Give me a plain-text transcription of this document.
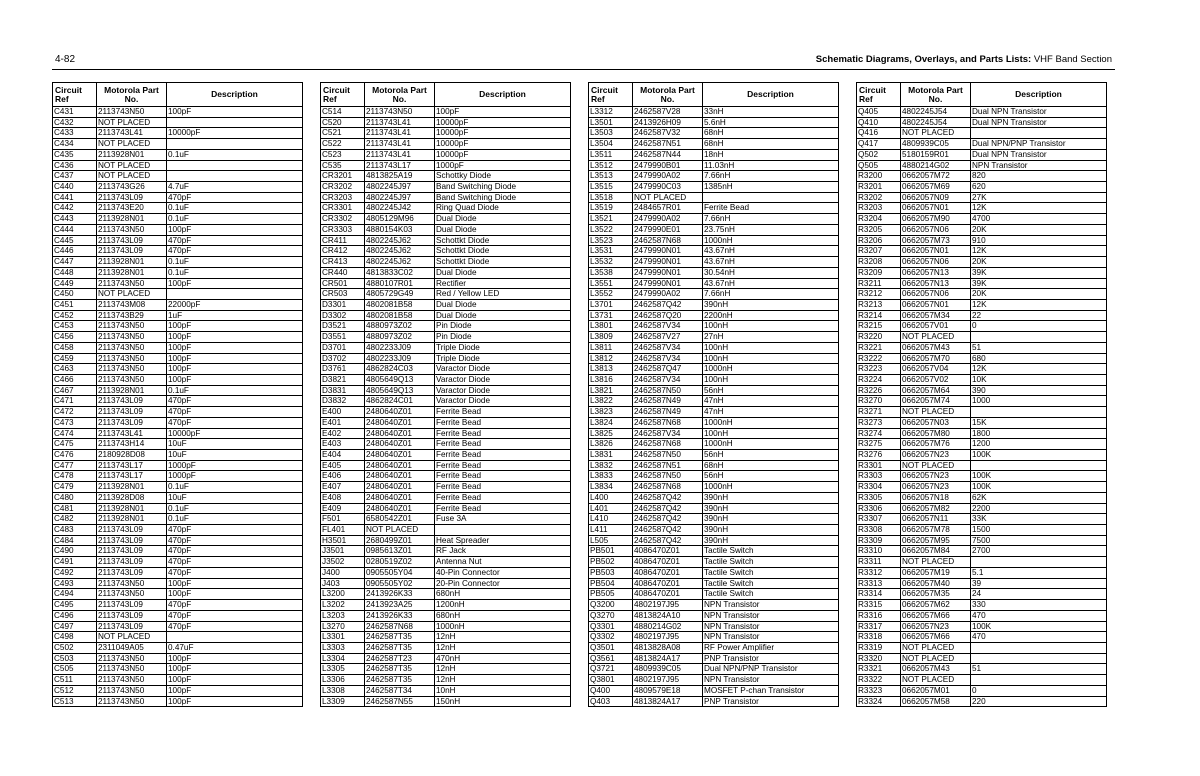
4-82	Schematic Diagrams, Overlays, and Parts Lists: VHF Band Section
Circuit Ref	Motorola Part No.	Description
C431	2113743N50	100pF
C432	NOT PLACED	
C433	2113743L41	10000pF
C434	NOT PLACED	
C435	2113928N01	0.1uF
C436	NOT PLACED	
C437	NOT PLACED	
C440	2113743G26	4.7uF
C441	2113743L09	470pF
C442	2113743E20	0.1uF
C443	2113928N01	0.1uF
C444	2113743N50	100pF
C445	2113743L09	470pF
C446	2113743L09	470pF
C447	2113928N01	0.1uF
C448	2113928N01	0.1uF
C449	2113743N50	100pF
C450	NOT PLACED	
C451	2113743M08	22000pF
C452	2113743B29	1uF
C453	2113743N50	100pF
C456	2113743N50	100pF
C458	2113743N50	100pF
C459	2113743N50	100pF
C463	2113743N50	100pF
C466	2113743N50	100pF
C467	2113928N01	0.1uF
C471	2113743L09	470pF
C472	2113743L09	470pF
C473	2113743L09	470pF
C474	2113743L41	10000pF
C475	2113743H14	10uF
C476	2180928D08	10uF
C477	2113743L17	1000pF
C478	2113743L17	1000pF
C479	2113928N01	0.1uF
C480	2113928D08	10uF
C481	2113928N01	0.1uF
C482	2113928N01	0.1uF
C483	2113743L09	470pF
C484	2113743L09	470pF
C490	2113743L09	470pF
C491	2113743L09	470pF
C492	2113743L09	470pF
C493	2113743N50	100pF
C494	2113743N50	100pF
C495	2113743L09	470pF
C496	2113743L09	470pF
C497	2113743L09	470pF
C498	NOT PLACED	
C502	2311049A05	0.47uF
C503	2113743N50	100pF
C505	2113743N50	100pF
C511	2113743N50	100pF
C512	2113743N50	100pF
C513	2113743N50	100pF
Circuit Ref	Motorola Part No.	Description
C514	2113743N50	100pF
C520	2113743L41	10000pF
C521	2113743L41	10000pF
C522	2113743L41	10000pF
C523	2113743L41	10000pF
C535	2113743L17	1000pF
CR3201	4813825A19	Schottky Diode
CR3202	4802245J97	Band Switching Diode
CR3203	4802245J97	Band Switching Diode
CR3301	4802245J42	Ring Quad Diode
CR3302	4805129M96	Dual Diode
CR3303	4880154K03	Dual Diode
CR411	4802245J62	Schottkt Diode
CR412	4802245J62	Schottkt Diode
CR413	4802245J62	Schottkt Diode
CR440	4813833C02	Dual Diode
CR501	4880107R01	Rectifier
CR503	4805729G49	Red / Yellow LED
D3301	4802081B58	Dual Diode
D3302	4802081B58	Dual Diode
D3521	4880973Z02	Pin Diode
D3551	4880973Z02	Pin Diode
D3701	4802233J09	Triple Diode
D3702	4802233J09	Triple Diode
D3761	4862824C03	Varactor Diode
D3821	4805649Q13	Varactor Diode
D3831	4805649Q13	Varactor Diode
D3832	4862824C01	Varactor Diode
E400	2480640Z01	Ferrite Bead
E401	2480640Z01	Ferrite Bead
E402	2480640Z01	Ferrite Bead
E403	2480640Z01	Ferrite Bead
E404	2480640Z01	Ferrite Bead
E405	2480640Z01	Ferrite Bead
E406	2480640Z01	Ferrite Bead
E407	2480640Z01	Ferrite Bead
E408	2480640Z01	Ferrite Bead
E409	2480640Z01	Ferrite Bead
F501	6580542Z01	Fuse 3A
FL401	NOT PLACED	
H3501	2680499Z01	Heat Spreader
J3501	0985613Z01	RF Jack
J3502	0280519Z02	Antenna Nut
J400	0905505Y04	40-Pin Connector
J403	0905505Y02	20-Pin Connector
L3200	2413926K33	680nH
L3202	2413923A25	1200nH
L3203	2413926K33	680nH
L3270	2462587N68	1000nH
L3301	2462587T35	12nH
L3303	2462587T35	12nH
L3304	2462587T23	470nH
L3305	2462587T35	12nH
L3306	2462587T35	12nH
L3308	2462587T34	10nH
L3309	2462587N55	150nH
Circuit Ref	Motorola Part No.	Description
L3312	2462587V28	33nH
L3501	2413926H09	5.6nH
L3503	2462587V32	68nH
L3504	2462587N51	68nH
L3511	2462587N44	18nH
L3512	2479990B01	11.03nH
L3513	2479990A02	7.66nH
L3515	2479990C03	1385nH
L3518	NOT PLACED	
L3519	2484657R01	Ferrite Bead
L3521	2479990A02	7.66nH
L3522	2479990E01	23.75nH
L3523	2462587N68	1000nH
L3531	2479990N01	43.67nH
L3532	2479990N01	43.67nH
L3538	2479990N01	30.54nH
L3551	2479990N01	43.67nH
L3552	2479990A02	7.66nH
L3701	2462587Q42	390nH
L3731	2462587Q20	2200nH
L3801	2462587V34	100nH
L3809	2462587V27	27nH
L3811	2462587V34	100nH
L3812	2462587V34	100nH
L3813	2462587Q47	1000nH
L3816	2462587V34	100nH
L3821	2462587N50	56nH
L3822	2462587N49	47nH
L3823	2462587N49	47nH
L3824	2462587N68	1000nH
L3825	2462587V34	100nH
L3826	2462587N68	1000nH
L3831	2462587N50	56nH
L3832	2462587N51	68nH
L3833	2462587N50	56nH
L3834	2462587N68	1000nH
L400	2462587Q42	390nH
L401	2462587Q42	390nH
L410	2462587Q42	390nH
L411	2462587Q42	390nH
L505	2462587Q42	390nH
PB501	4086470Z01	Tactile Switch
PB502	4086470Z01	Tactile Switch
PB503	4086470Z01	Tactile Switch
PB504	4086470Z01	Tactile Switch
PB505	4086470Z01	Tactile Switch
Q3200	4802197J95	NPN Transistor
Q3270	4813824A10	NPN Transistor
Q3301	4880214G02	NPN Transistor
Q3302	4802197J95	NPN Transistor
Q3501	4813828A08	RF Power Amplifier
Q3561	4813824A17	PNP Transistor
Q3721	4809939C05	Dual NPN/PNP Transistor
Q3801	4802197J95	NPN Transistor
Q400	4809579E18	MOSFET P-chan Transistor
Q403	4813824A17	PNP Transistor
Circuit Ref	Motorola Part No.	Description
Q405	4802245J54	Dual NPN Transistor
Q410	4802245J54	Dual NPN Transistor
Q416	NOT PLACED	
Q417	4809939C05	Dual NPN/PNP Transistor
Q502	5180159R01	Dual NPN Transistor
Q505	4880214G02	NPN Transistor
R3200	0662057M72	820
R3201	0662057M69	620
R3202	0662057N09	27K
R3203	0662057N01	12K
R3204	0662057M90	4700
R3205	0662057N06	20K
R3206	0662057M73	910
R3207	0662057N01	12K
R3208	0662057N06	20K
R3209	0662057N13	39K
R3211	0662057N13	39K
R3212	0662057N06	20K
R3213	0662057N01	12K
R3214	0662057M34	22
R3215	0662057V01	0
R3220	NOT PLACED	
R3221	0662057M43	51
R3222	0662057M70	680
R3223	0662057V04	12K
R3224	0662057V02	10K
R3226	0662057M64	390
R3270	0662057M74	1000
R3271	NOT PLACED	
R3273	0662057N03	15K
R3274	0662057M80	1800
R3275	0662057M76	1200
R3276	0662057N23	100K
R3301	NOT PLACED	
R3303	0662057N23	100K
R3304	0662057N23	100K
R3305	0662057N18	62K
R3306	0662057M82	2200
R3307	0662057N11	33K
R3308	0662057M78	1500
R3309	0662057M95	7500
R3310	0662057M84	2700
R3311	NOT PLACED	
R3312	0662057M19	5.1
R3313	0662057M40	39
R3314	0662057M35	24
R3315	0662057M62	330
R3316	0662057M66	470
R3317	0662057N23	100K
R3318	0662057M66	470
R3319	NOT PLACED	
R3320	NOT PLACED	
R3321	0662057M43	51
R3322	NOT PLACED	
R3323	0662057M01	0
R3324	0662057M58	220
